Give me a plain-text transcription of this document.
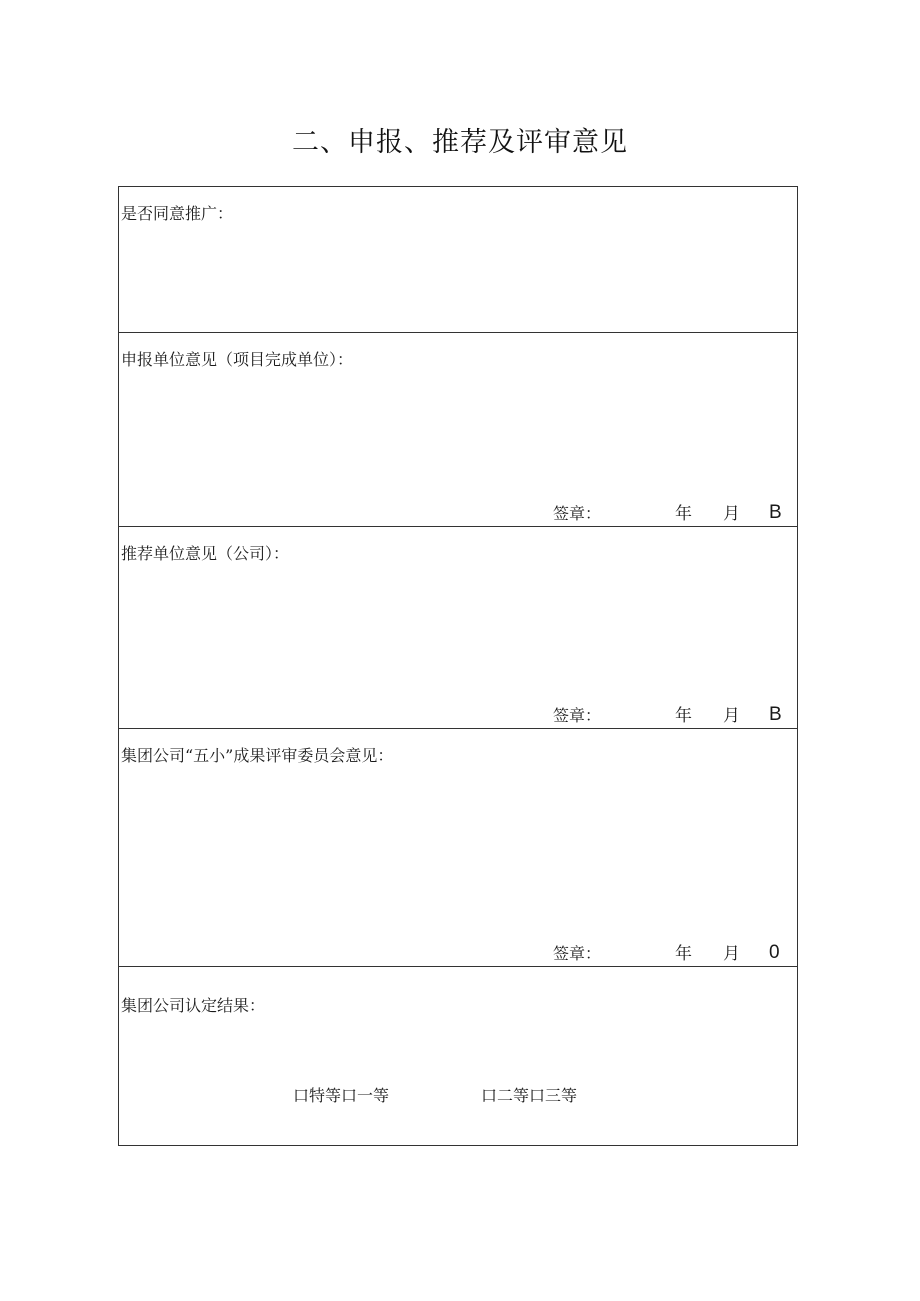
二、申报、推荐及评审意见
是否同意推广：
申报单位意见（项目完成单位）：
签章：	年 月 B
推荐单位意见（公司）：
签章：	年 月 B
集团公司“五小”成果评审委员会意见：
签章：	年 月 0
集团公司认定结果：
口特等口一等	口二等口三等
